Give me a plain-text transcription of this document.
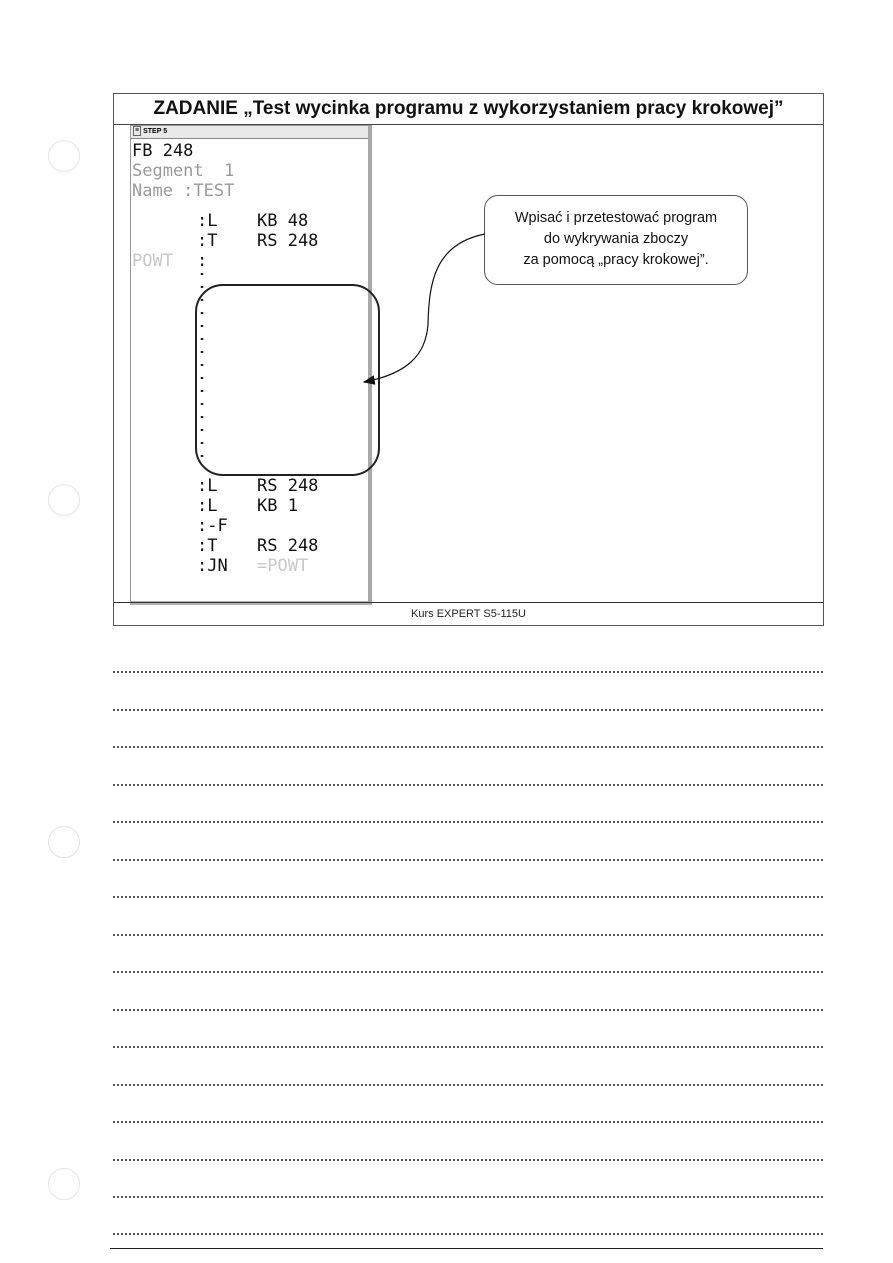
ZADANIE „Test wycinka programu z wykorzystaniem pracy krokowej”
≡ STEP 5
FB 248
Segment  1
Name :TEST
:L KB 48
:T RS 248
POWT :
:L RS 248
:L KB 1
:-F
:T RS 248
:JN =POWT
Wpisać i przetestować program
do wykrywania zboczy
za pomocą „pracy krokowej”.
Kurs EXPERT S5-115U
